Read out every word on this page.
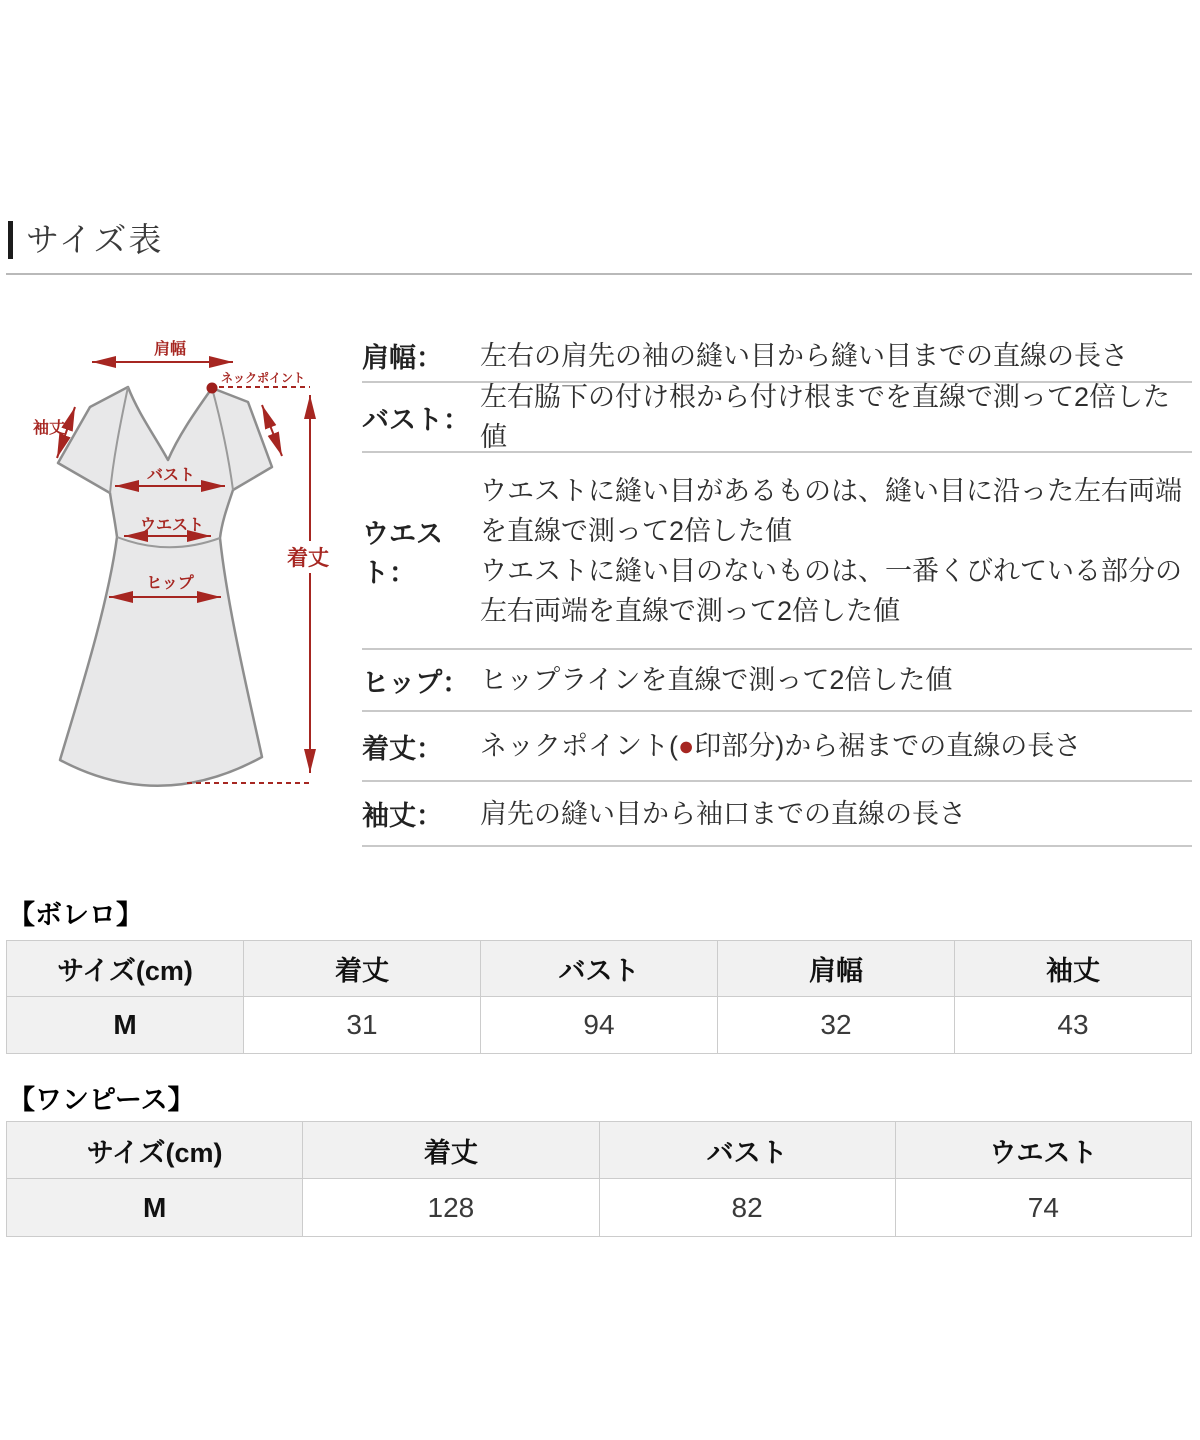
サイズ表
肩幅
ネックポイント
袖丈
バスト
ウエスト
ヒップ
着丈
肩幅：	左右の肩先の袖の縫い目から縫い目までの直線の長さ
バスト：
左右脇下の付け根から付け根までを直線で測って2倍した値
ウエスト：
ウエストに縫い目があるものは、縫い目に沿った左右両端
を直線で測って2倍した値
ウエストに縫い目のないものは、一番くびれている部分の
左右両端を直線で測って2倍した値
ヒップ： ヒップラインを直線で測って2倍した値
着丈：	ネックポイント(●印部分)から裾までの直線の長さ
袖丈：	肩先の縫い目から袖口までの直線の長さ
【ボレロ】
サイズ(cm)	着丈	バスト	肩幅	袖丈
M	31	94	32	43
【ワンピース】
サイズ(cm)	着丈	バスト	ウエスト
M	128	82	74
